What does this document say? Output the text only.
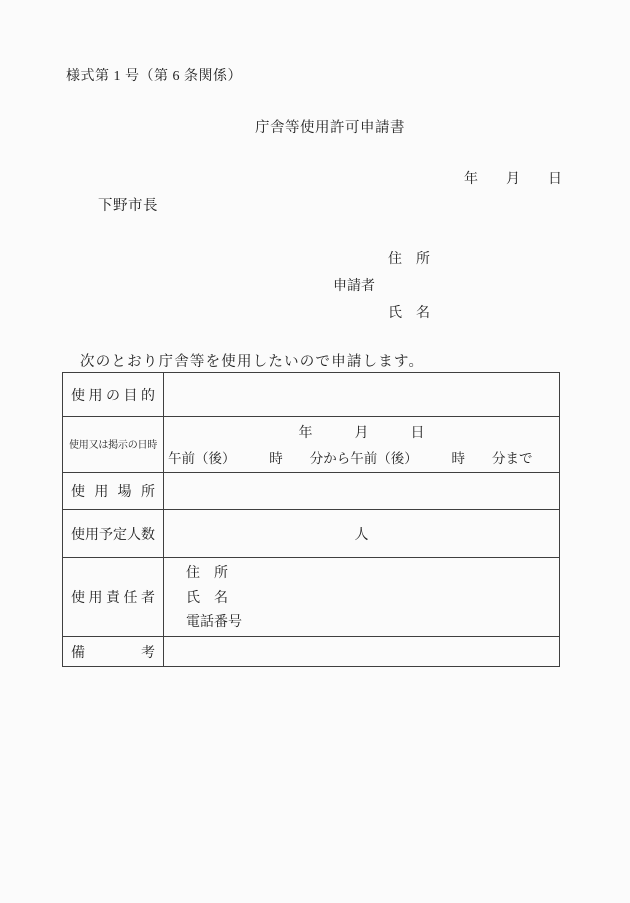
様式第 1 号（第 6 条関係）
庁舎等使用許可申請書
年　　月　　日
下野市長
住　所
申請者
氏　名
次のとおり庁舎等を使用したいので申請します。
使用の目的	
使用又は掲示の日時	年　　　月　　　日
午前（後）　　　時　　分から午前（後）　　　時　　分まで

使用場所	
使用予定人数	人
使用責任者	住　所
氏　名
電話番号

備考	
